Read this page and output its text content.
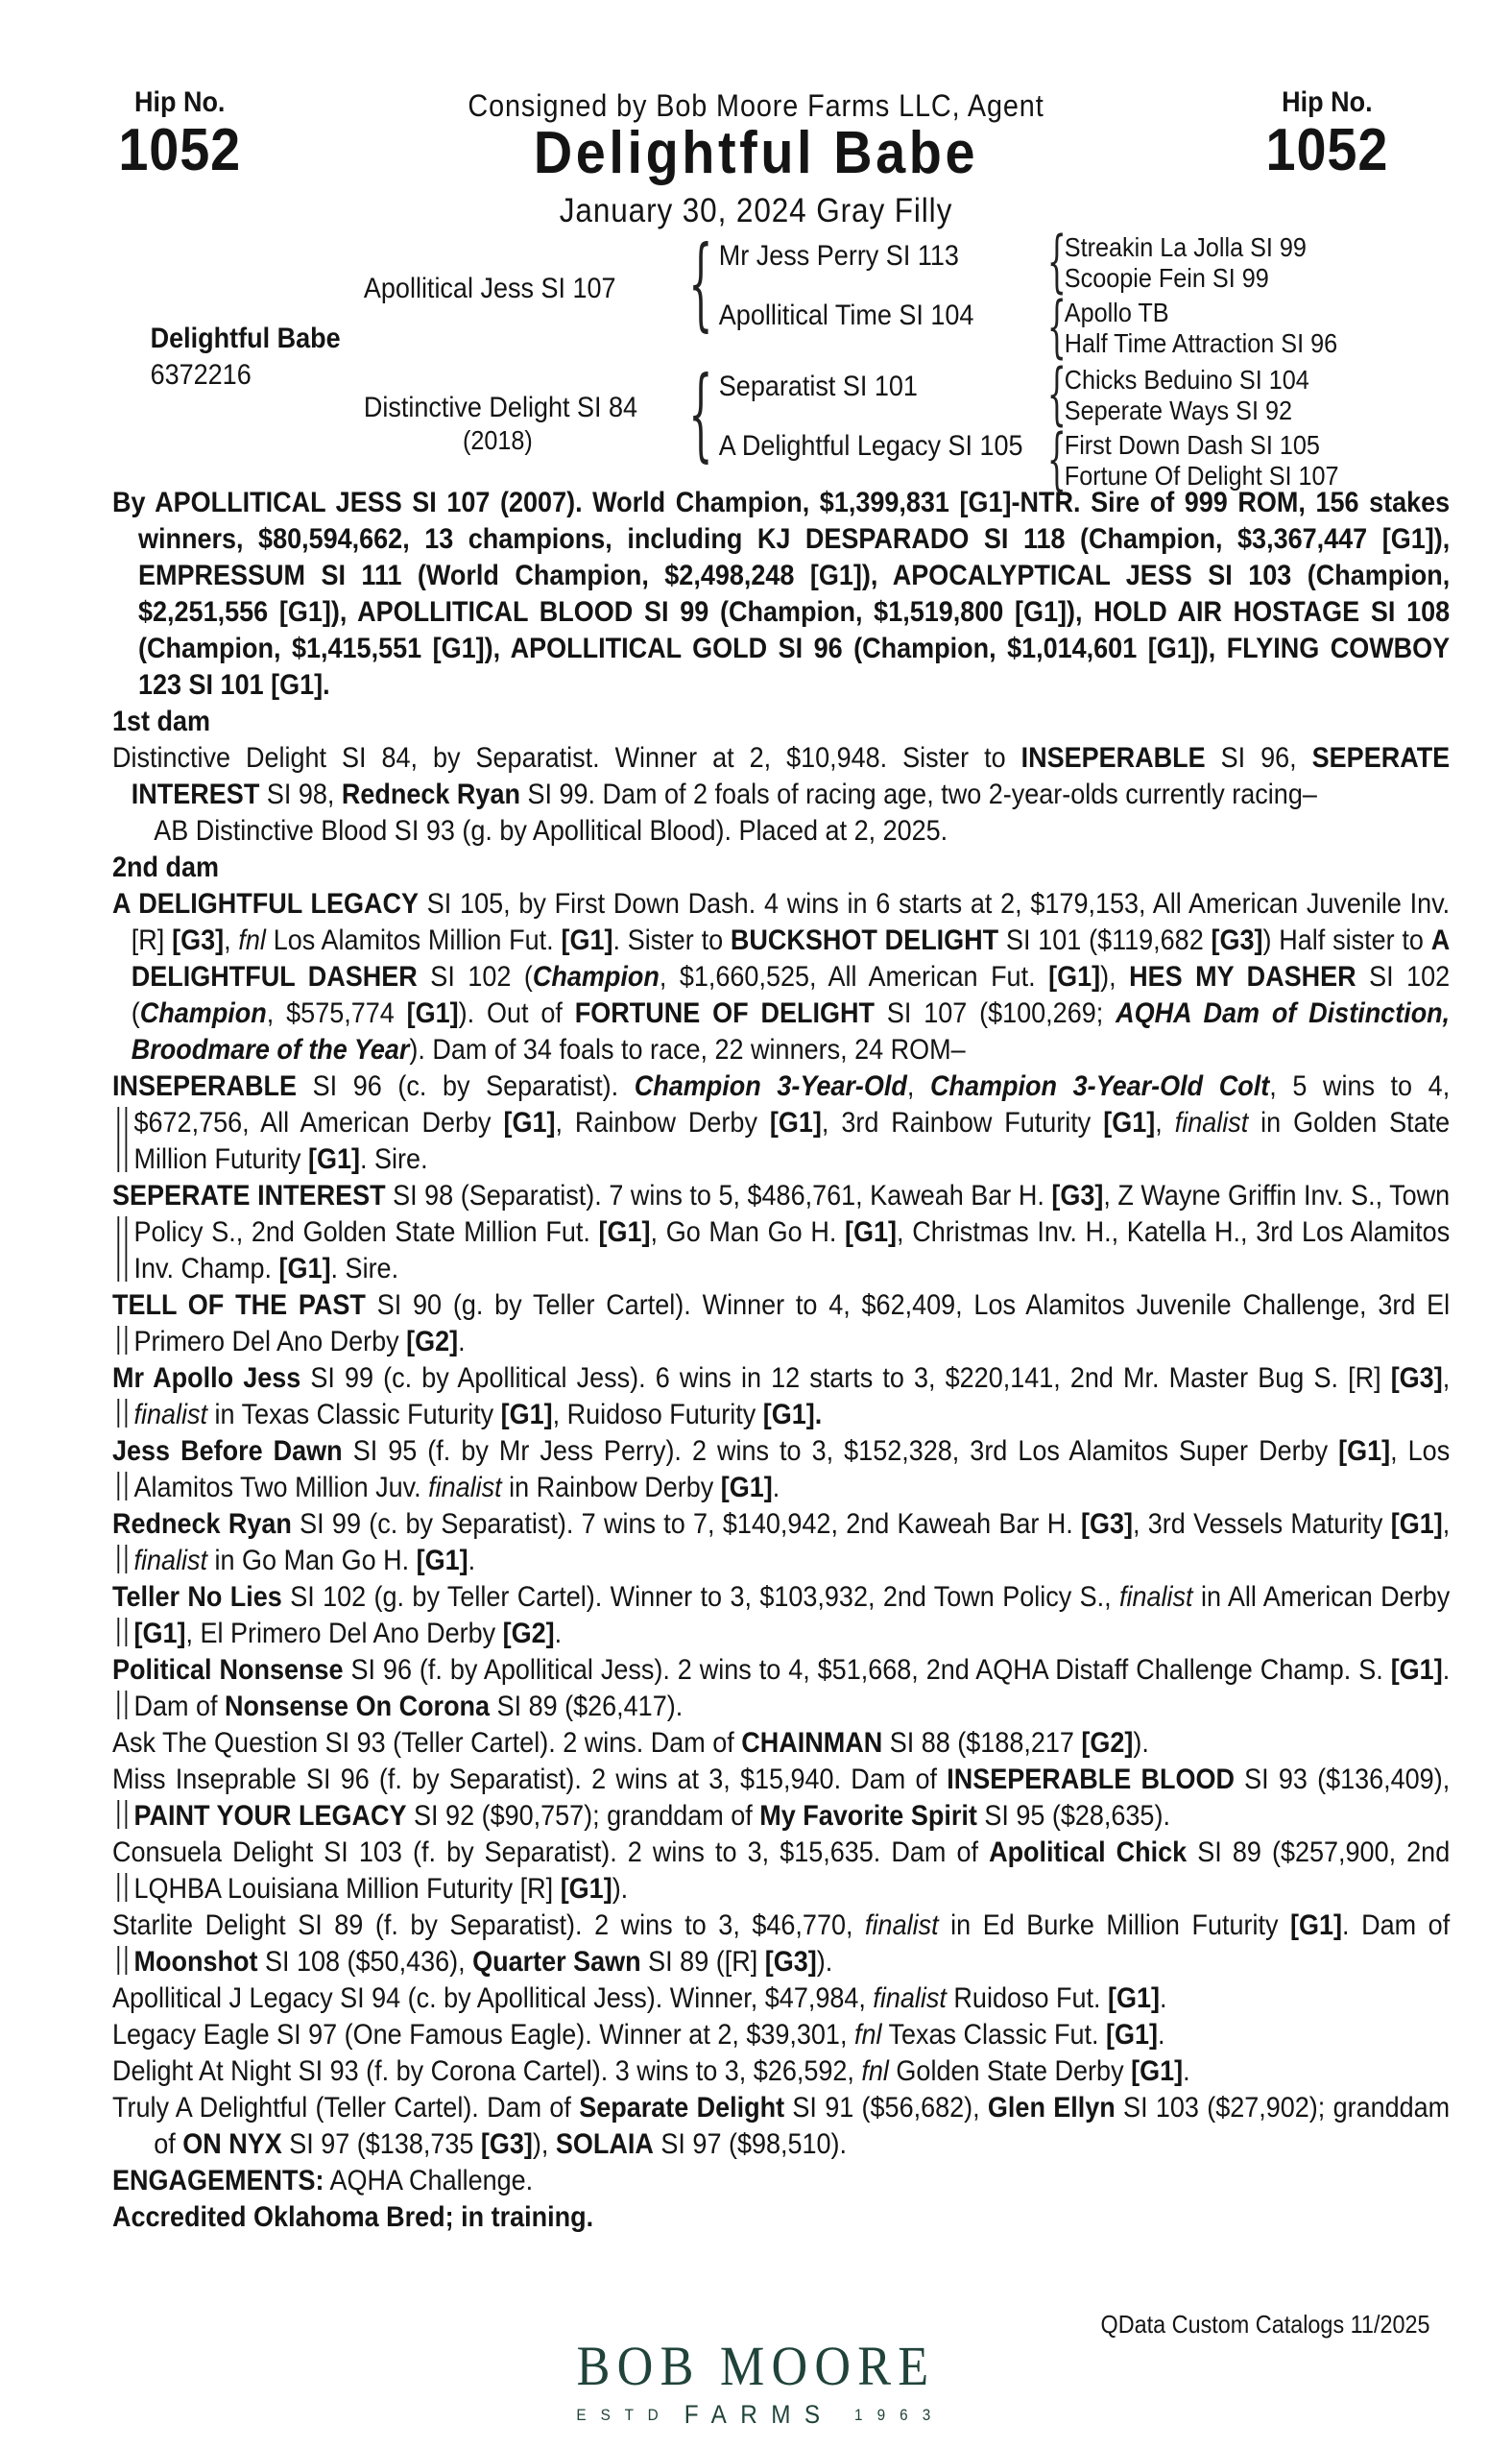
Hip No.
1052
Hip No.
1052
Consigned by Bob Moore Farms LLC, Agent
Delightful Babe
January 30, 2024 Gray Filly
Delightful Babe
6372216
Apollitical Jess SI 107
Distinctive Delight SI 84
(2018)
{
{
Mr Jess Perry SI 113
Apollitical Time SI 104
Separatist SI 101
A Delightful Legacy SI 105
{
{
{
{
Streakin La Jolla SI 99
Scoopie Fein SI 99
Apollo TB
Half Time Attraction SI 96
Chicks Beduino SI 104
Seperate Ways SI 92
First Down Dash SI 105
Fortune Of Delight SI 107

By APOLLITICAL JESS SI 107 (2007). World Champion, $1,399,831 [G1]-NTR. Sire of 999 ROM, 156 stakes winners, $80,594,662, 13 champions, including KJ DESPARADO SI 118 (Champion, $3,367,447 [G1]), EMPRESSUM SI 111 (World Champion, $2,498,248 [G1]), APOCALYPTICAL JESS SI 103 (Champion, $2,251,556 [G1]), APOLLITICAL BLOOD SI 99 (Champion, $1,519,800 [G1]), HOLD AIR HOSTAGE SI 108 (Champion, $1,415,551 [G1]), APOLLITICAL GOLD SI 96 (Champion, $1,014,601 [G1]), FLYING COWBOY 123 SI 101 [G1].

1st dam

Distinctive Delight SI 84, by Separatist. Winner at 2, $10,948. Sister to INSEPERABLE SI 96, SEPERATE INTEREST SI 98, Redneck Ryan SI 99. Dam of 2 foals of racing age, two 2-year-olds currently racing–

AB Distinctive Blood SI 93 (g. by Apollitical Blood). Placed at 2, 2025.

2nd dam

A DELIGHTFUL LEGACY SI 105, by First Down Dash. 4 wins in 6 starts at 2, $179,153, All American Juvenile Inv. [R] [G3], fnl Los Alamitos Million Fut. [G1]. Sister to BUCKSHOT DELIGHT SI 101 ($119,682 [G3]) Half sister to A DELIGHTFUL DASHER SI 102 (Champion, $1,660,525, All American Fut. [G1]), HES MY DASHER SI 102 (Champion, $575,774 [G1]). Out of FORTUNE OF DELIGHT SI 107 ($100,269; AQHA Dam of Distinction, Broodmare of the Year). Dam of 34 foals to race, 22 winners, 24 ROM–

INSEPERABLE SI 96 (c. by Separatist). Champion 3-Year-Old, Champion 3-Year-Old Colt, 5 wins to 4, $672,756, All American Derby [G1], Rainbow Derby [G1], 3rd Rainbow Futurity [G1], finalist in Golden State Million Futurity [G1]. Sire.

SEPERATE INTEREST SI 98 (Separatist). 7 wins to 5, $486,761, Kaweah Bar H. [G3], Z Wayne Griffin Inv. S., Town Policy S., 2nd Golden State Million Fut. [G1], Go Man Go H. [G1], Christmas Inv. H., Katella H., 3rd Los Alamitos Inv. Champ. [G1]. Sire.

TELL OF THE PAST SI 90 (g. by Teller Cartel). Winner to 4, $62,409, Los Alamitos Juvenile Challenge, 3rd El Primero Del Ano Derby [G2].

Mr Apollo Jess SI 99 (c. by Apollitical Jess). 6 wins in 12 starts to 3, $220,141, 2nd Mr. Master Bug S. [R] [G3], finalist in Texas Classic Futurity [G1], Ruidoso Futurity [G1].

Jess Before Dawn SI 95 (f. by Mr Jess Perry). 2 wins to 3, $152,328, 3rd Los Alamitos Super Derby [G1], Los Alamitos Two Million Juv. finalist in Rainbow Derby [G1].

Redneck Ryan SI 99 (c. by Separatist). 7 wins to 7, $140,942, 2nd Kaweah Bar H. [G3], 3rd Vessels Maturity [G1], finalist in Go Man Go H. [G1].

Teller No Lies SI 102 (g. by Teller Cartel). Winner to 3, $103,932, 2nd Town Policy S., finalist in All American Derby [G1], El Primero Del Ano Derby [G2].

Political Nonsense SI 96 (f. by Apollitical Jess). 2 wins to 4, $51,668, 2nd AQHA Distaff Challenge Champ. S. [G1]. Dam of Nonsense On Corona SI 89 ($26,417).

Ask The Question SI 93 (Teller Cartel). 2 wins. Dam of CHAINMAN SI 88 ($188,217 [G2]).

Miss Inseprable SI 96 (f. by Separatist). 2 wins at 3, $15,940. Dam of INSEPERABLE BLOOD SI 93 ($136,409), PAINT YOUR LEGACY SI 92 ($90,757); granddam of My Favorite Spirit SI 95 ($28,635).

Consuela Delight SI 103 (f. by Separatist). 2 wins to 3, $15,635. Dam of Apolitical Chick SI 89 ($257,900, 2nd LQHBA Louisiana Million Futurity [R] [G1]).

Starlite Delight SI 89 (f. by Separatist). 2 wins to 3, $46,770, finalist in Ed Burke Million Futurity [G1]. Dam of Moonshot SI 108 ($50,436), Quarter Sawn SI 89 ([R] [G3]).

Apollitical J Legacy SI 94 (c. by Apollitical Jess). Winner, $47,984, finalist Ruidoso Fut. [G1].

Legacy Eagle SI 97 (One Famous Eagle). Winner at 2, $39,301, fnl Texas Classic Fut. [G1].

Delight At Night SI 93 (f. by Corona Cartel). 3 wins to 3, $26,592, fnl Golden State Derby [G1].

Truly A Delightful (Teller Cartel). Dam of Separate Delight SI 91 ($56,682), Glen Ellyn SI 103 ($27,902); granddam of ON NYX SI 97 ($138,735 [G3]), SOLAIA SI 97 ($98,510).

ENGAGEMENTS: AQHA Challenge.

Accredited Oklahoma Bred; in training.

QData Custom Catalogs 11/2025
BOB MOORE
E S T D FARMS 1 9 6 3
